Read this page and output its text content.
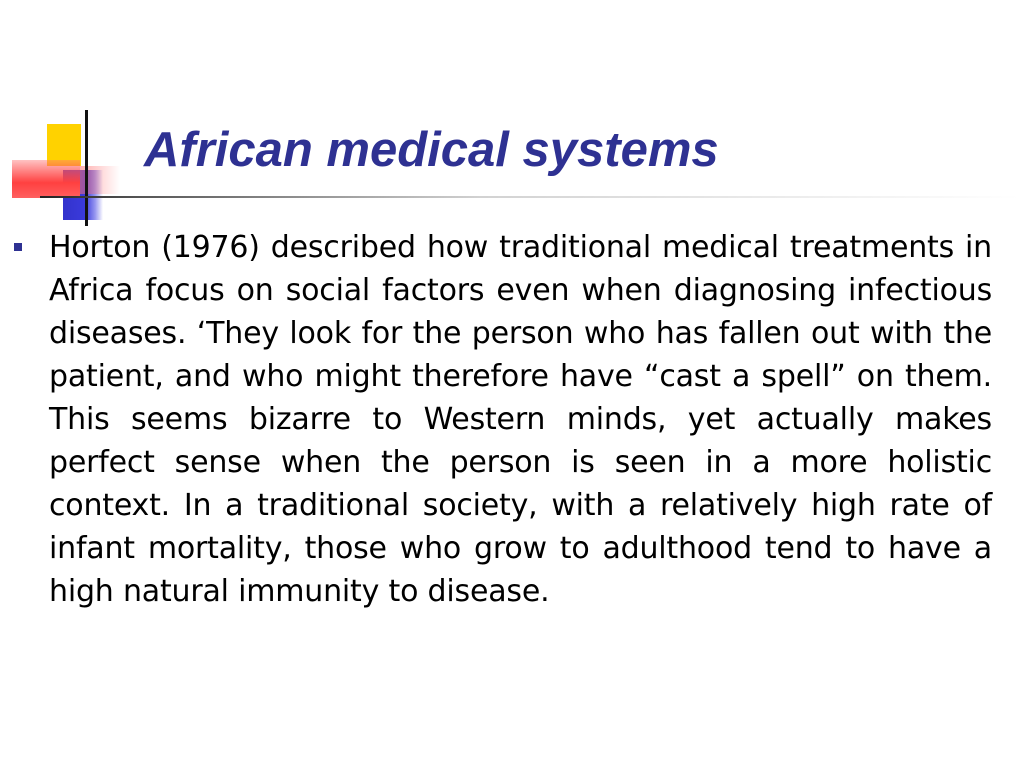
African medical systems
Horton (1976) described how traditional medical treatments in Africa focus on social factors even when diagnosing infectious diseases. ‘They look for the person who has fallen out with the patient, and who might therefore have “cast a spell” on them. This seems bizarre to Western minds, yet actually makes perfect sense when the person is seen in a more holistic context. In a traditional society, with a relatively high rate of infant mortality, those who grow to adulthood tend to have a high natural immunity to disease.
